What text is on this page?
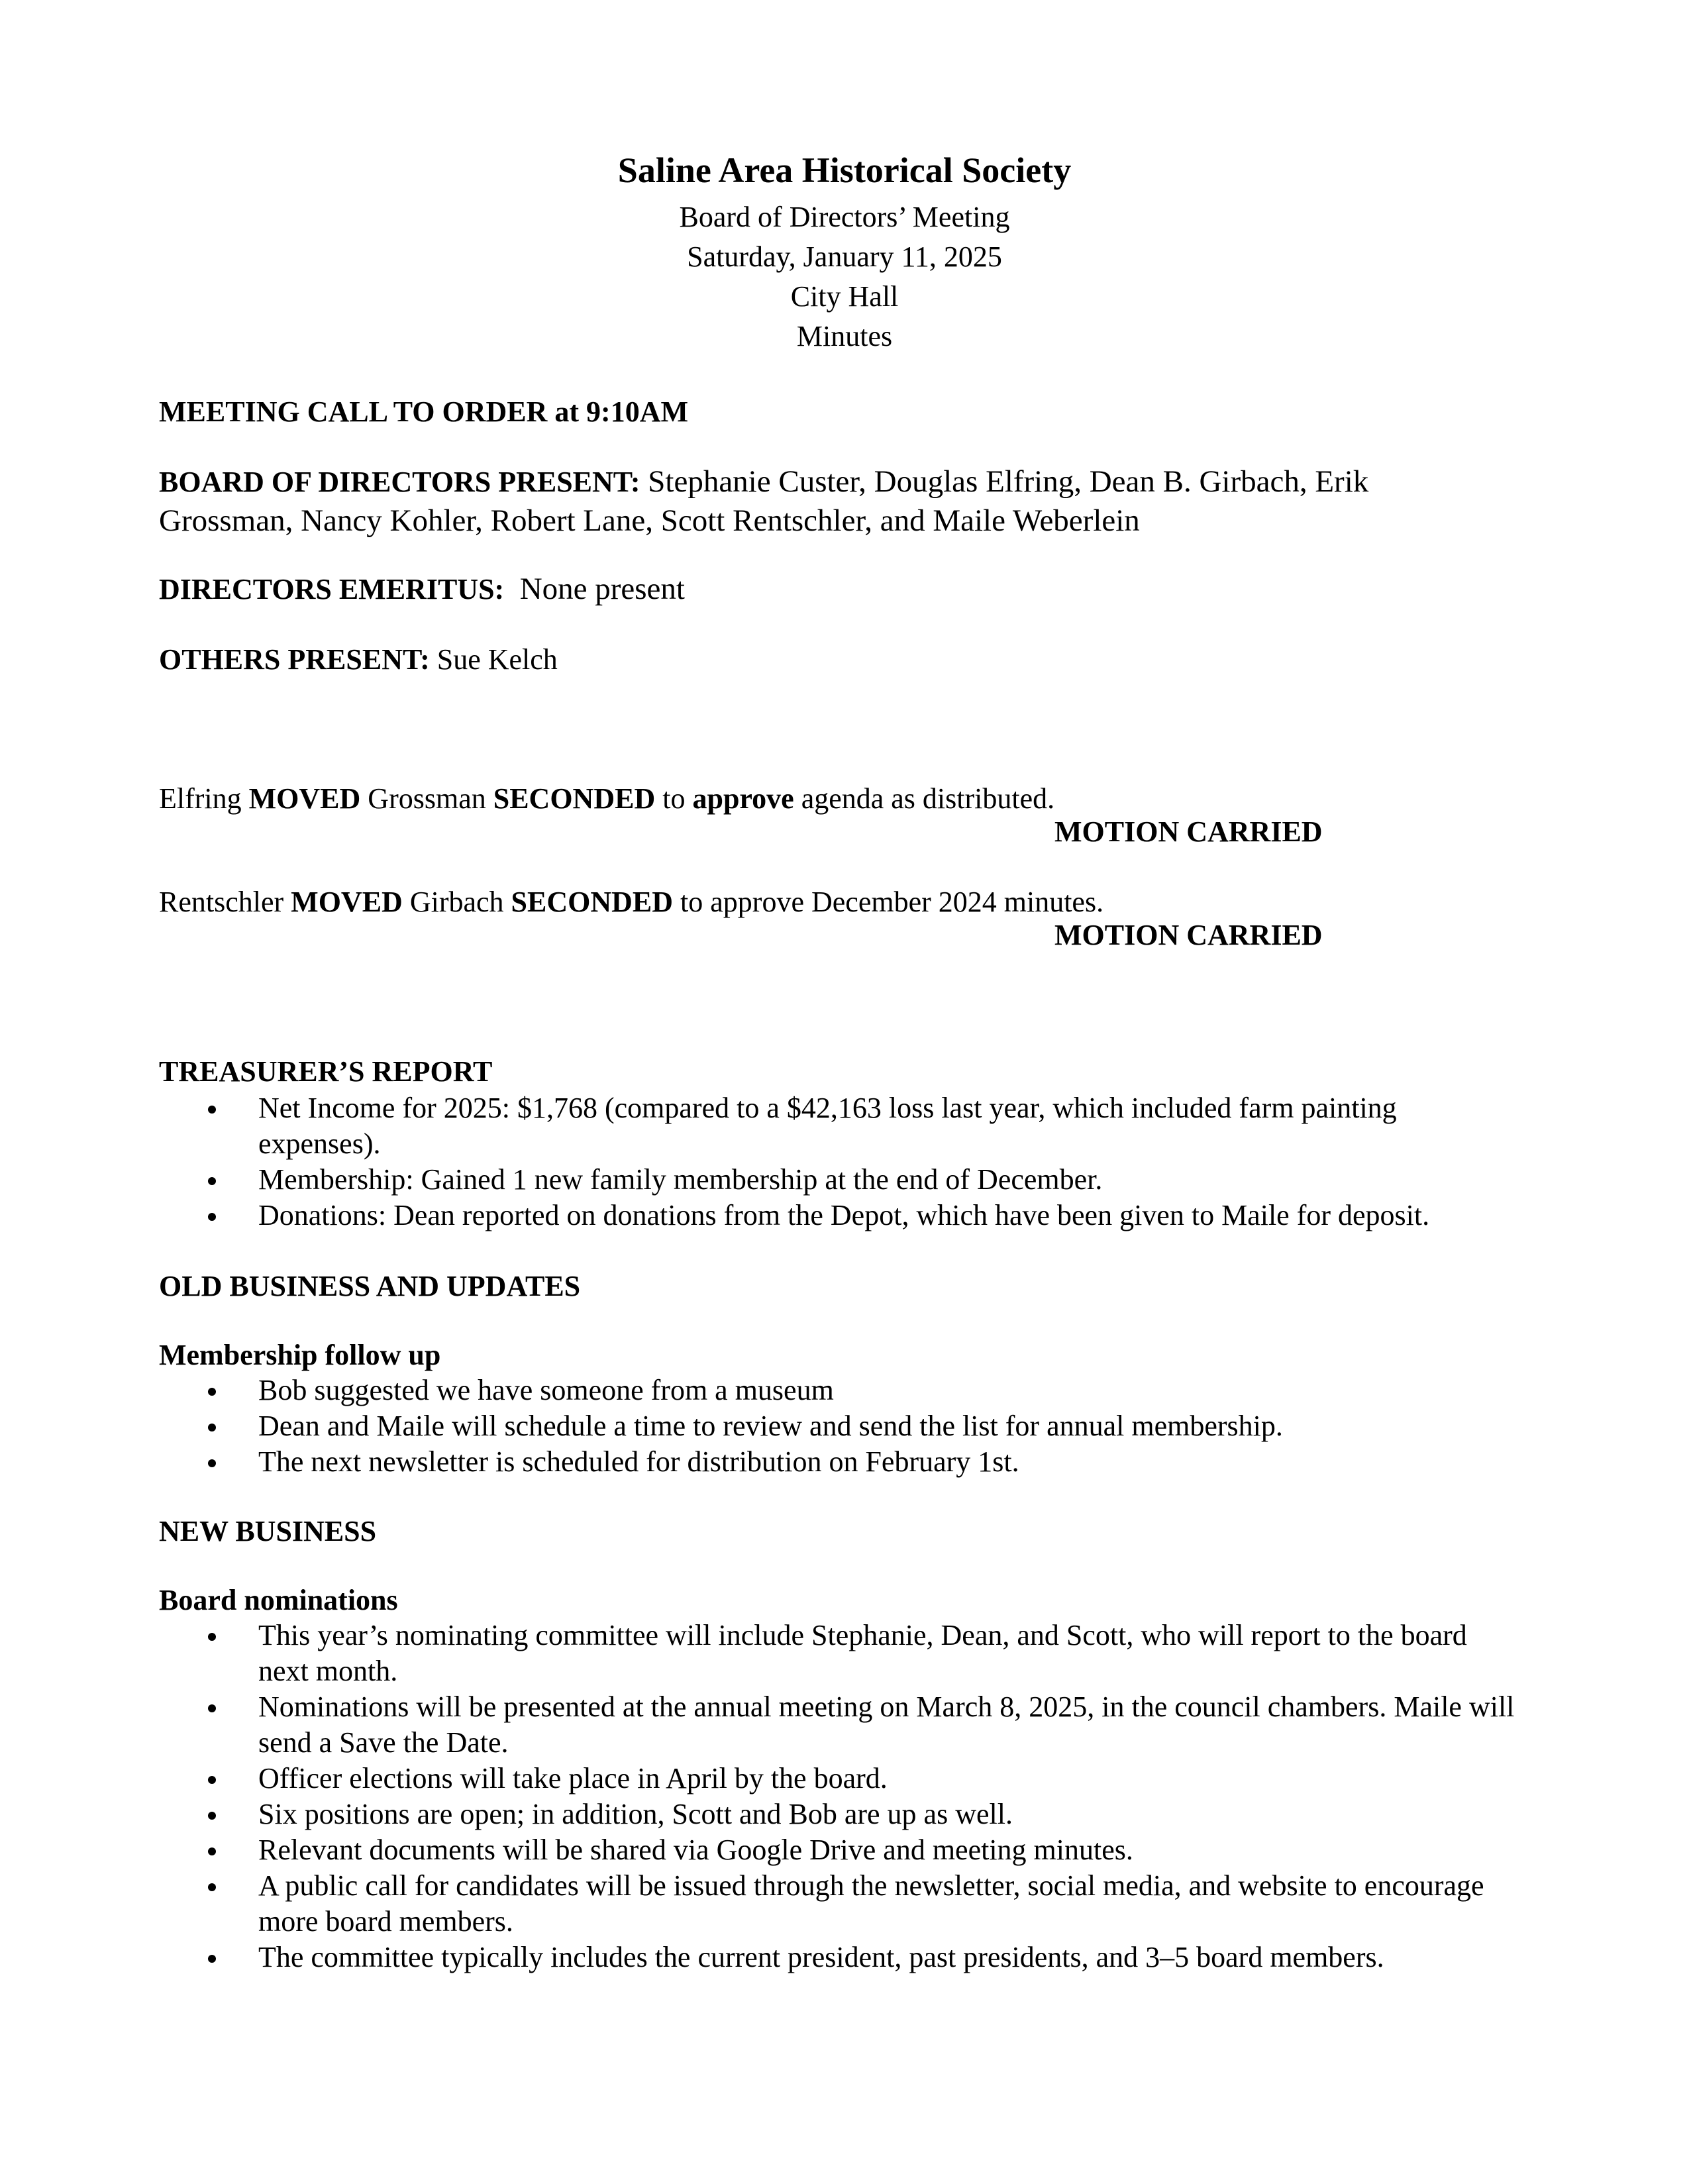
Saline Area Historical Society
Board of Directors’ Meeting
Saturday, January 11, 2025
City Hall
Minutes
MEETING CALL TO ORDER at 9:10AM
BOARD OF DIRECTORS PRESENT: Stephanie Custer, Douglas Elfring, Dean B. Girbach, Erik
Grossman, Nancy Kohler, Robert Lane, Scott Rentschler, and Maile Weberlein
DIRECTORS EMERITUS:  None present
OTHERS PRESENT: Sue Kelch
Elfring MOVED Grossman SECONDED to approve agenda as distributed.
MOTION CARRIED
Rentschler MOVED Girbach SECONDED to approve December 2024 minutes.
MOTION CARRIED
TREASURER’S REPORT
Net Income for 2025: $1,768 (compared to a $42,163 loss last year, which included farm painting expenses).
Membership: Gained 1 new family membership at the end of December.
Donations: Dean reported on donations from the Depot, which have been given to Maile for deposit.
OLD BUSINESS AND UPDATES
Membership follow up
Bob suggested we have someone from a museum
Dean and Maile will schedule a time to review and send the list for annual membership.
The next newsletter is scheduled for distribution on February 1st.
NEW BUSINESS
Board nominations
This year’s nominating committee will include Stephanie, Dean, and Scott, who will report to the board next month.
Nominations will be presented at the annual meeting on March 8, 2025, in the council chambers. Maile will send a Save the Date.
Officer elections will take place in April by the board.
Six positions are open; in addition, Scott and Bob are up as well.
Relevant documents will be shared via Google Drive and meeting minutes.
A public call for candidates will be issued through the newsletter, social media, and website to encourage more board members.
The committee typically includes the current president, past presidents, and 3–5 board members.
